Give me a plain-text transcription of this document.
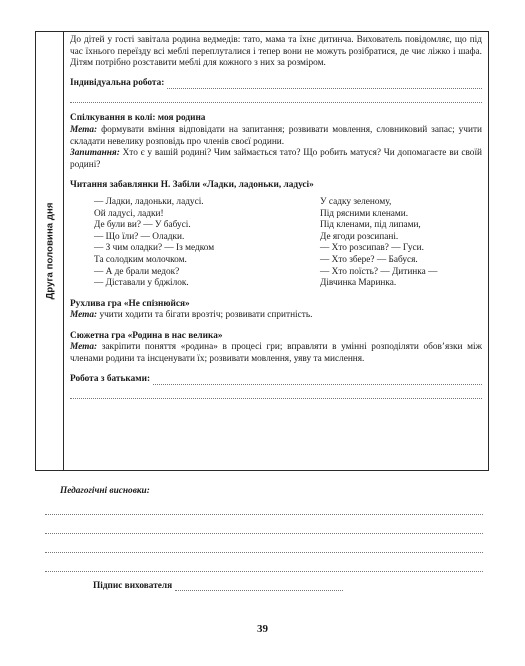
Друга половина дня

До дітей у гості завітала родина ведмедів: тато, мама та їхнє дитинча. Вихователь повідомляє, що під час їхнього переїзду всі меблі переплуталися і тепер вони не можуть розібратися, де чиє ліжко і шафа. Дітям потрібно розставити меблі для кожного з них за розміром.

Індивідуальна робота:

Спілкування в колі: моя родина

Мета: формувати вміння відповідати на запитання; розвивати мовлення, словниковий запас; учити складати невелику розповідь про членів своєї родини.

Запитання: Хто є у вашій родині? Чим займається тато? Що робить матуся? Чи допомагаєте ви своїй родині?

Читання забавлянки Н. Забіли «Ладки, ладоньки, ладусі»

— Ладки, ладоньки, ладусі.
Ой ладусі, ладки!
Де були ви? — У бабусі.
— Що їли? — Оладки.
— З чим оладки? — Із медком
Та солодким молочком.
— А де брали медок?
— Діставали у бджілок.
У садку зеленому,
Під рясними кленами.
Під кленами, під липами,
Де ягоди розсипані.
— Хто розсипав? — Гуси.
— Хто збере? — Бабуся.
— Хто поїсть? — Дитинка —
Дівчинка Маринка.

Рухлива гра «Не спізнюйся»

Мета: учити ходити та бігати врозтіч; розвивати спритність.

Сюжетна гра «Родина в нас велика»

Мета: закріпити поняття «родина» в процесі гри; вправляти в умінні розподіляти обов’язки між членами родини та інсценувати їх; розвивати мовлення, уяву та мислення.

Робота з батьками:
Педагогічні висновки:
Підпис вихователя
39
